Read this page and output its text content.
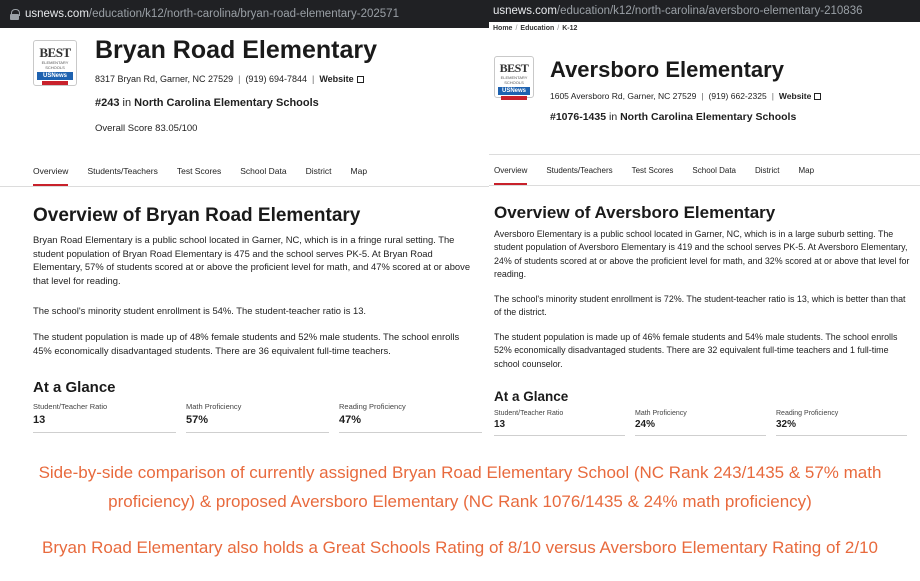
usnews.com /education/k12/north-carolina/bryan-road-elementary-202571
BEST
ELEMENTARY SCHOOLS
USNews
Bryan Road Elementary
8317 Bryan Rd, Garner, NC 27529 | (919) 694-7844 | Website
#243 in North Carolina Elementary Schools
Overall Score 83.05/100
Overview Students/Teachers Test Scores School Data District Map
Overview of Bryan Road Elementary
Bryan Road Elementary is a public school located in Garner, NC, which is in a fringe rural setting. The student population of Bryan Road Elementary is 475 and the school serves PK-5. At Bryan Road Elementary, 57% of students scored at or above the proficient level for math, and 47% scored at or above that level for reading.
The school's minority student enrollment is 54%. The student-teacher ratio is 13.
The student population is made up of 48% female students and 52% male students. The school enrolls 45% economically disadvantaged students. There are 36 equivalent full-time teachers.
At a Glance
Student/Teacher Ratio
13
Math Proficiency
57%
Reading Proficiency
47%
usnews.com /education/k12/north-carolina/aversboro-elementary-210836
Home / Education / K-12
BEST
ELEMENTARY SCHOOLS
USNews
Aversboro Elementary
1605 Aversboro Rd, Garner, NC 27529 | (919) 662-2325 | Website
#1076-1435 in North Carolina Elementary Schools
Overview Students/Teachers Test Scores School Data District Map
Overview of Aversboro Elementary
Aversboro Elementary is a public school located in Garner, NC, which is in a large suburb setting. The student population of Aversboro Elementary is 419 and the school serves PK-5. At Aversboro Elementary, 24% of students scored at or above the proficient level for math, and 32% scored at or above that level for reading.
The school's minority student enrollment is 72%. The student-teacher ratio is 13, which is better than that of the district.
The student population is made up of 46% female students and 54% male students. The school enrolls 52% economically disadvantaged students. There are 32 equivalent full-time teachers and 1 full-time school counselor.
At a Glance
Student/Teacher Ratio
13
Math Proficiency
24%
Reading Proficiency
32%
Side-by-side comparison of currently assigned Bryan Road Elementary School (NC Rank 243/1435 & 57% math proficiency) & proposed Aversboro Elementary (NC Rank 1076/1435 & 24% math proficiency)
Bryan Road Elementary also holds a Great Schools Rating of 8/10 versus Aversboro Elementary Rating of 2/10
